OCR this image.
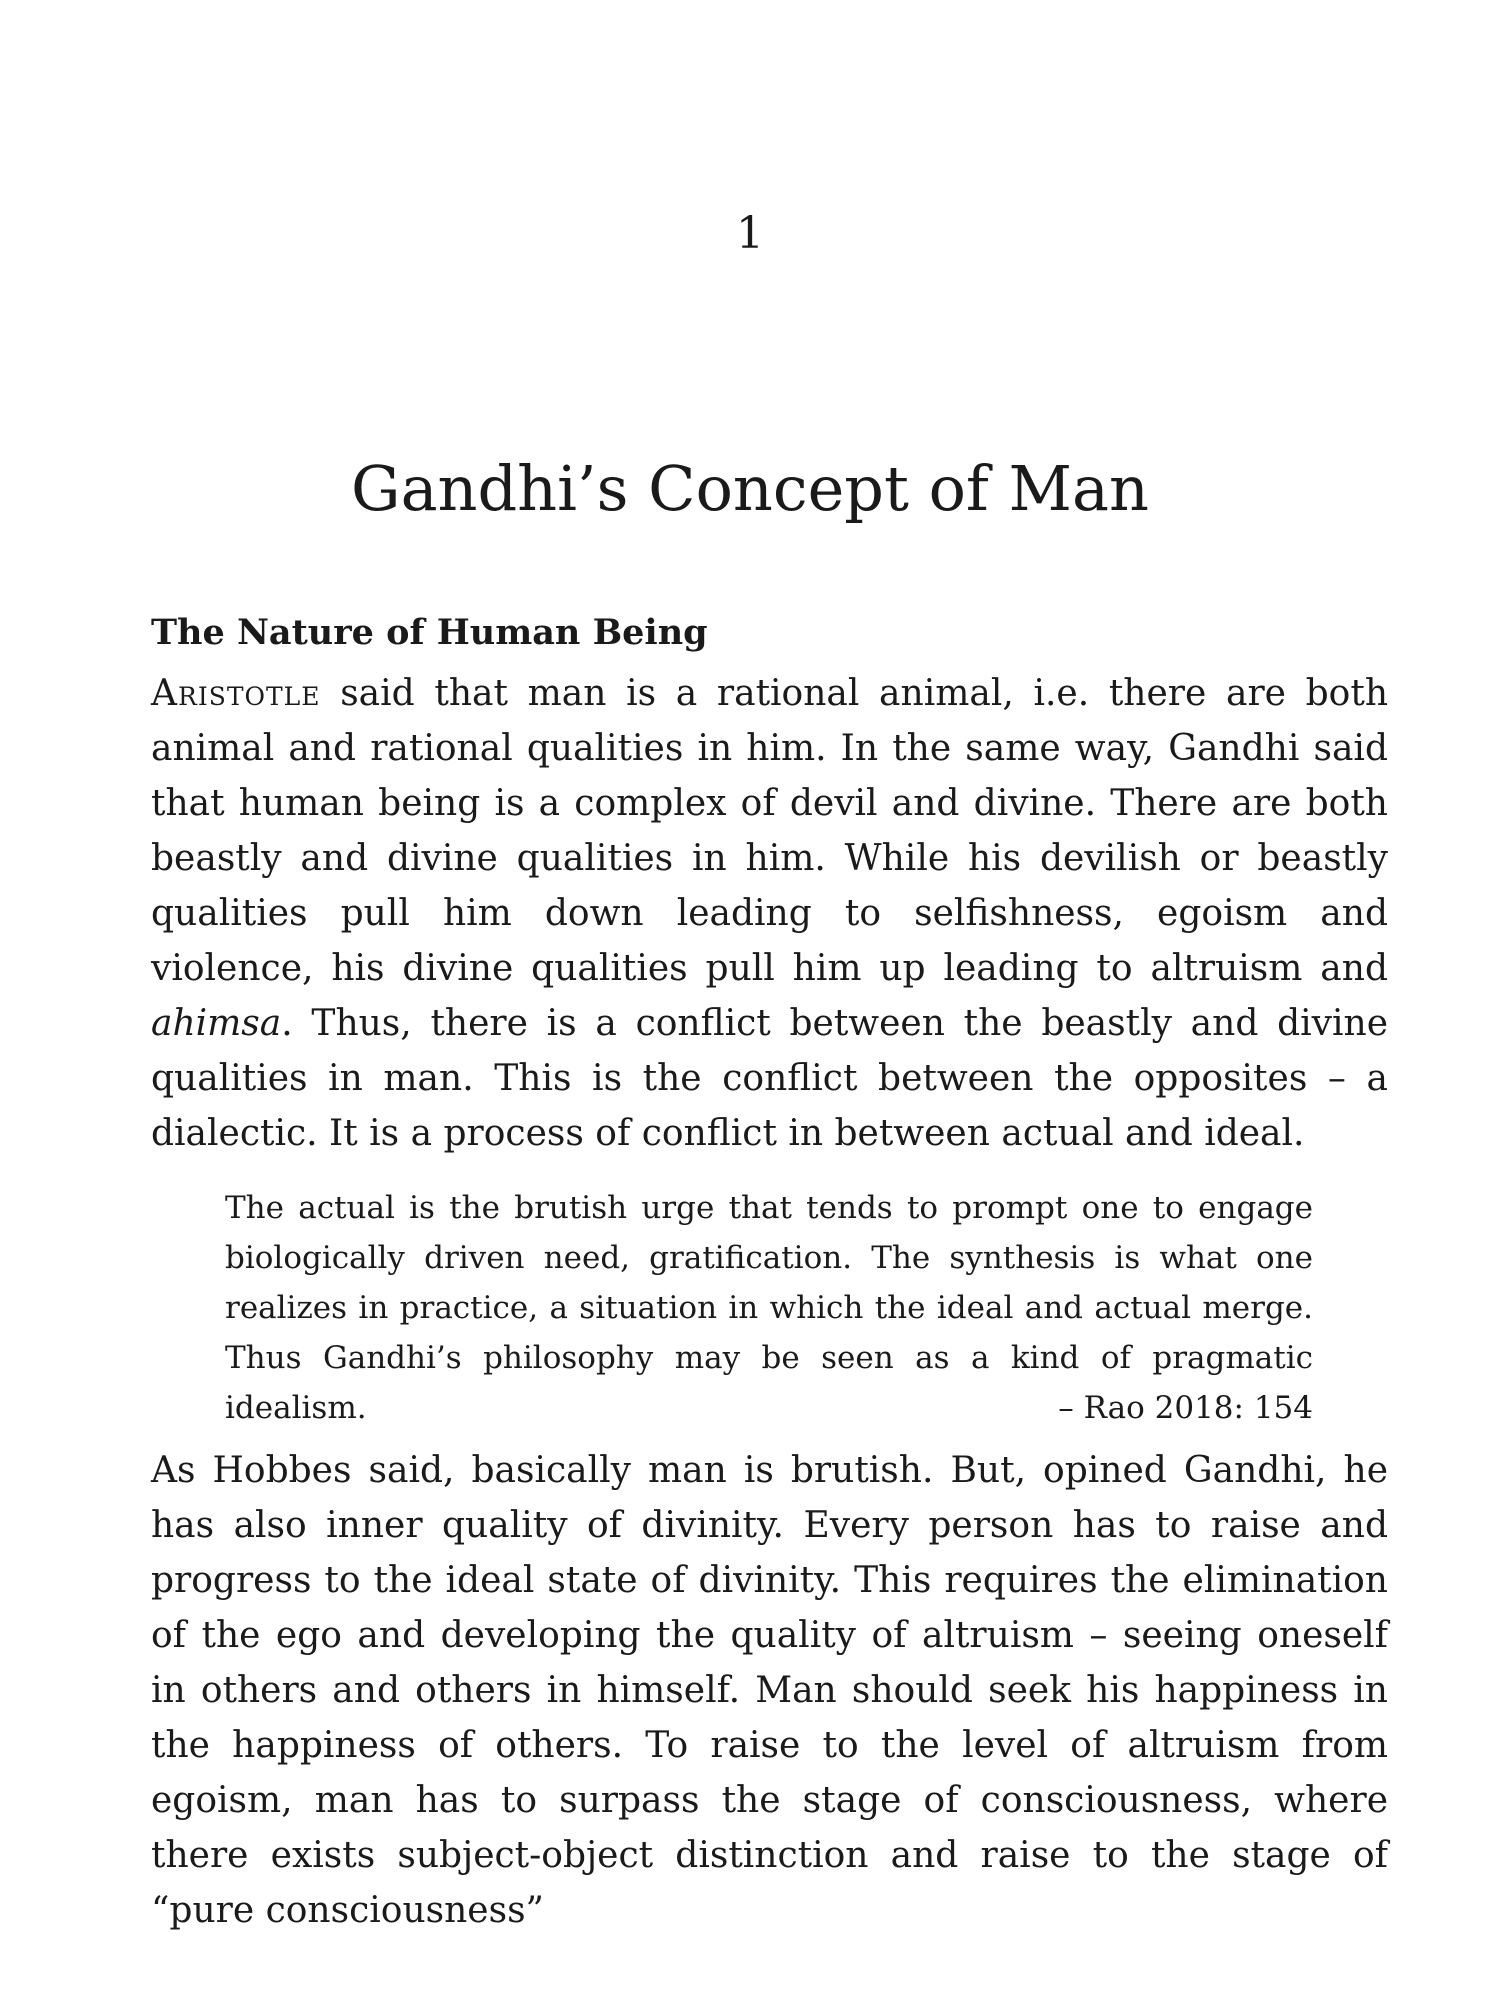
1
Gandhi’s Concept of Man
The Nature of Human Being

Aristotle said that man is a rational animal, i.e. there are both animal and rational qualities in him. In the same way, Gandhi said that human being is a complex of devil and divine. There are both beastly and divine qualities in him. While his devilish or beastly qualities pull him down leading to selfishness, egoism and violence, his divine qualities pull him up leading to altruism and ahimsa. Thus, there is a conflict between the beastly and divine qualities in man. This is the conflict between the opposites – a dialectic. It is a process of conflict in between actual and ideal.

The actual is the brutish urge that tends to prompt one to engage biologically driven need, gratification. The synthesis is what one realizes in practice, a situation in which the ideal and actual merge. Thus Gandhi’s philosophy may be seen as a kind of pragmatic idealism.	– Rao 2018: 154

As Hobbes said, basically man is brutish. But, opined Gandhi, he has also inner quality of divinity. Every person has to raise and progress to the ideal state of divinity. This requires the elimination of the ego and developing the quality of altruism – seeing oneself in others and others in himself. Man should seek his happiness in the happiness of others. To raise to the level of altruism from egoism, man has to surpass the stage of consciousness, where there exists subject-object distinction and raise to the stage of “pure consciousness”
